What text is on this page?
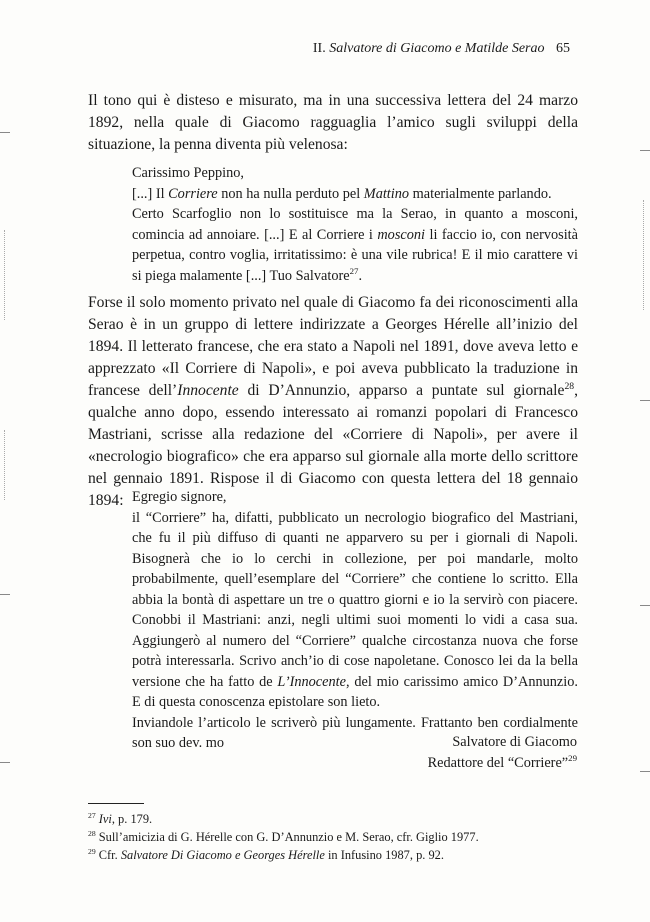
II. Salvatore di Giacomo e Matilde Serao 65

Il tono qui è disteso e misurato, ma in una successiva lettera del 24 marzo 1892, nella quale di Giacomo ragguaglia l’amico sugli sviluppi della situazione, la penna diventa più velenosa:

Carissimo Peppino,

[...] Il Corriere non ha nulla perduto pel Mattino materialmente parlando.

Certo Scarfoglio non lo sostituisce ma la Serao, in quanto a mosconi, comincia ad annoiare. [...] E al Corriere i mosconi li faccio io, con nervosità perpetua, contro voglia, irritatissimo: è una vile rubrica! E il mio carattere vi si piega malamente [...] Tuo Salvatore$^{27}$.

Forse il solo momento privato nel quale di Giacomo fa dei riconoscimenti alla Serao è in un gruppo di lettere indirizzate a Georges Hérelle all’inizio del 1894. Il letterato francese, che era stato a Napoli nel 1891, dove aveva letto e apprezzato «Il Corriere di Napoli», e poi aveva pubblicato la traduzione in francese dell’Innocente di D’Annunzio, apparso a puntate sul giornale$^{28}$, qualche anno dopo, essendo interessato ai romanzi popolari di Francesco Mastriani, scrisse alla redazione del «Corriere di Napoli», per avere il «necrologio biografico» che era apparso sul giornale alla morte dello scrittore nel gennaio 1891. Rispose il di Giacomo con questa lettera del 18 gennaio 1894: Egregio signore,

il “Corriere” ha, difatti, pubblicato un necrologio biografico del Mastriani, che fu il più diffuso di quanti ne apparvero su per i giornali di Napoli. Bisognerà che io lo cerchi in collezione, per poi mandarle, molto probabilmente, quell’esemplare del “Corriere” che contiene lo scritto. Ella abbia la bontà di aspettare un tre o quattro giorni e io la servirò con piacere. Conobbi il Mastriani: anzi, negli ultimi suoi momenti lo vidi a casa sua. Aggiungerò al numero del “Corriere” qualche circostanza nuova che forse potrà interessarla. Scrivo anch’io di cose napoletane. Conosco lei da la bella versione che ha fatto de L’Innocente, del mio carissimo amico D’Annunzio. E di questa conoscenza epistolare son lieto.

Inviandole l’articolo le scriverò più lungamente. Frattanto ben cordialmente son suo dev. mo	Salvatore di Giacomo
Redattore del “Corriere”$^{29}$

$^{27}$ Ivi, p. 179.

$^{28}$ Sull’amicizia di G. Hérelle con G. D’Annunzio e M. Serao, cfr. Giglio 1977.

$^{29}$ Cfr. Salvatore Di Giacomo e Georges Hérelle in Infusino 1987, p. 92.
